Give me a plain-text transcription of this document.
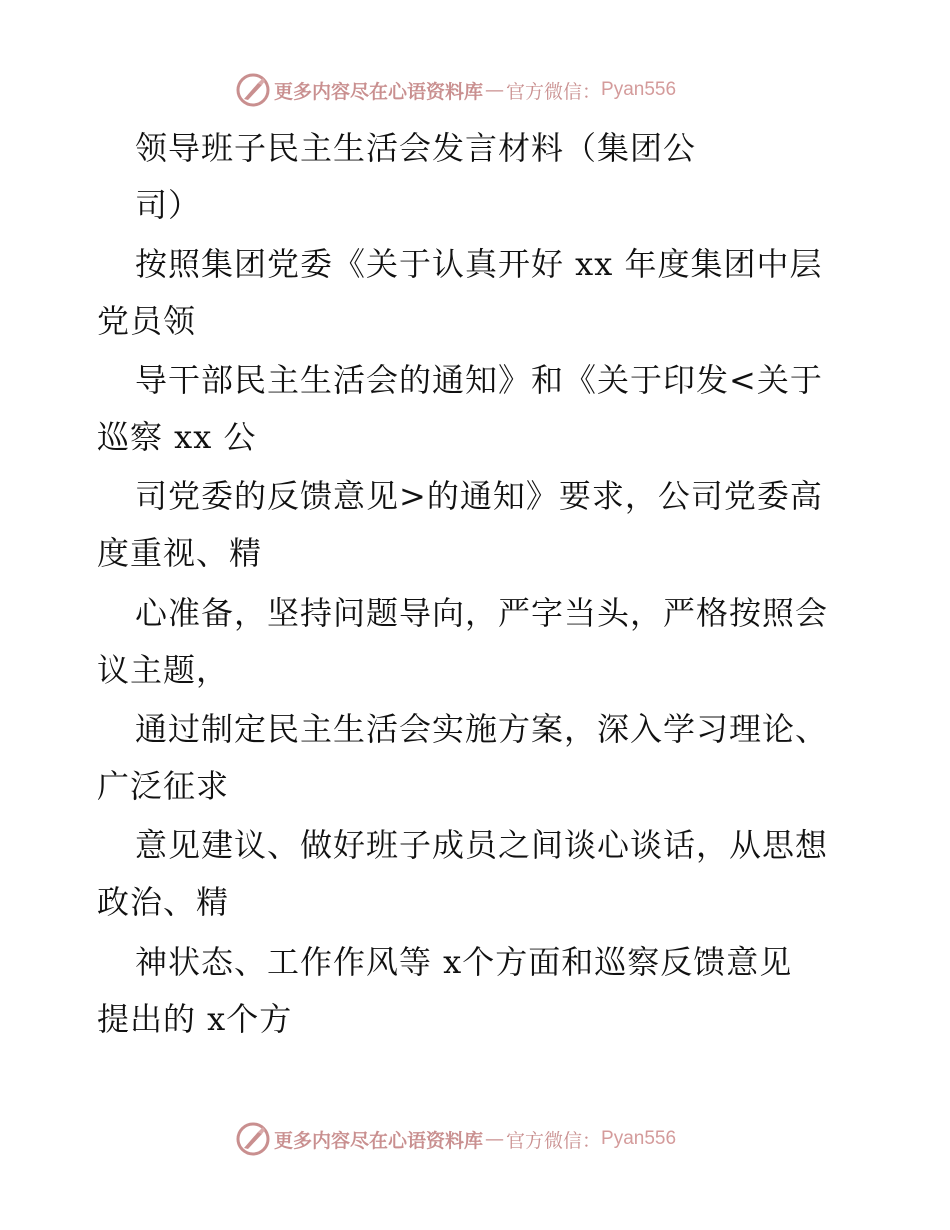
更多内容尽在心语资料库 — 官方微信： Pyan556
领导班子民主生活会发言材料（集团公
司）
按照集团党委《关于认真开好 xx 年度集团中层
党员领
导干部民主生活会的通知》和《关于印发<关于
巡察 xx 公
司党委的反馈意见>的通知》要求，公司党委高
度重视、精
心准备，坚持问题导向，严字当头，严格按照会
议主题，
通过制定民主生活会实施方案，深入学习理论、
广泛征求
意见建议、做好班子成员之间谈心谈话，从思想
政治、精
神状态、工作作风等 x个方面和巡察反馈意见
提出的 x个方
更多内容尽在心语资料库 — 官方微信： Pyan556
